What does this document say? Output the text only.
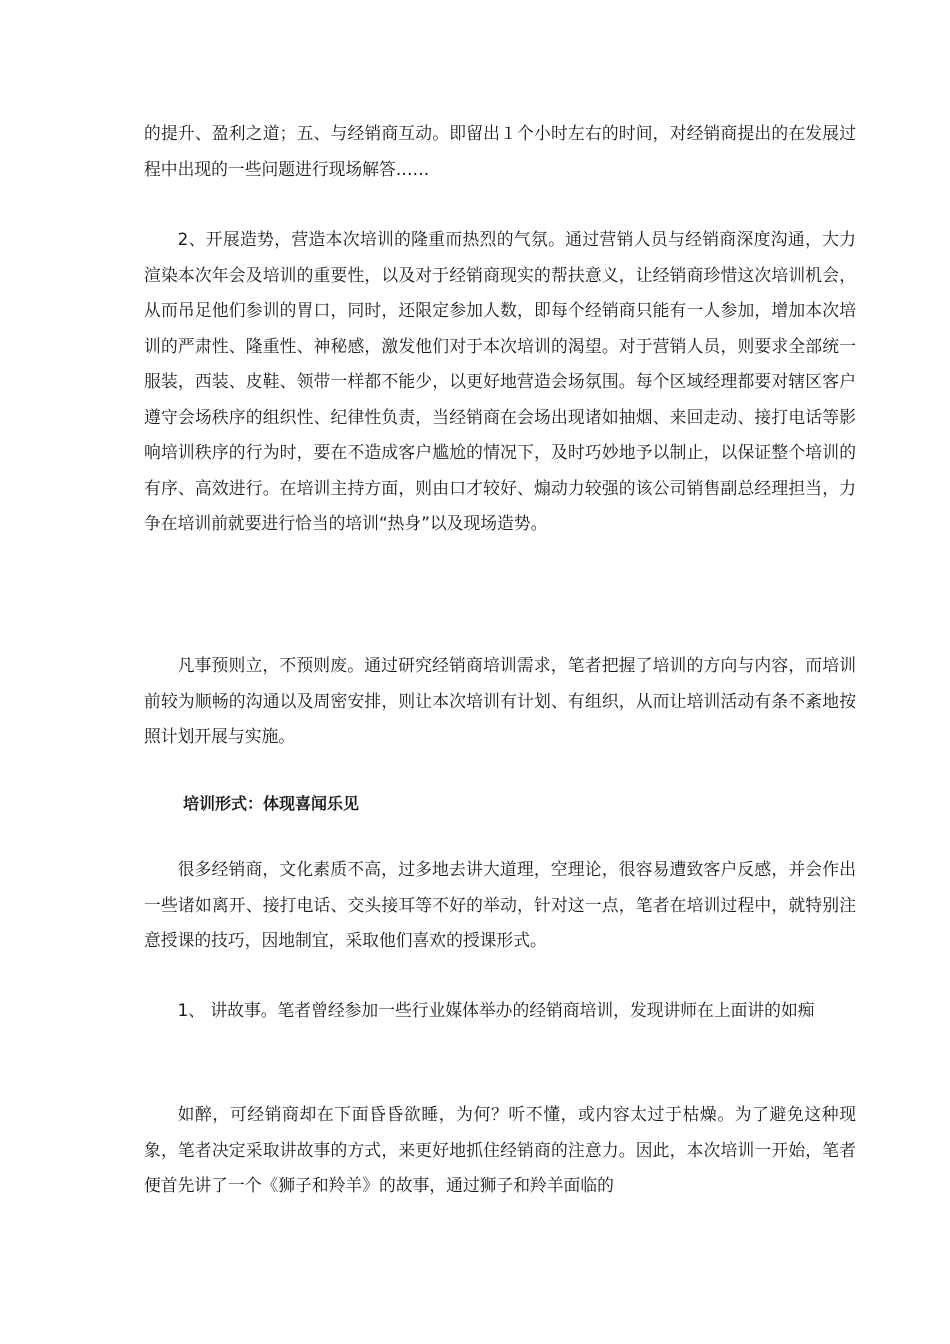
的提升、盈利之道；五、与经销商互动。即留出１个小时左右的时间，对经销商提出的在发展过程中出现的一些问题进行现场解答……

2、开展造势，营造本次培训的隆重而热烈的气氛。通过营销人员与经销商深度沟通，大力渲染本次年会及培训的重要性，以及对于经销商现实的帮扶意义，让经销商珍惜这次培训机会，从而吊足他们参训的胃口，同时，还限定参加人数，即每个经销商只能有一人参加，增加本次培训的严肃性、隆重性、神秘感，激发他们对于本次培训的渴望。对于营销人员，则要求全部统一服装，西装、皮鞋、领带一样都不能少，以更好地营造会场氛围。每个区域经理都要对辖区客户遵守会场秩序的组织性、纪律性负责，当经销商在会场出现诸如抽烟、来回走动、接打电话等影响培训秩序的行为时，要在不造成客户尴尬的情况下，及时巧妙地予以制止，以保证整个培训的有序、高效进行。在培训主持方面，则由口才较好、煽动力较强的该公司销售副总经理担当，力争在培训前就要进行恰当的培训“热身”以及现场造势。

凡事预则立，不预则废。通过研究经销商培训需求，笔者把握了培训的方向与内容，而培训前较为顺畅的沟通以及周密安排，则让本次培训有计划、有组织，从而让培训活动有条不紊地按照计划开展与实施。

培训形式：体现喜闻乐见

很多经销商，文化素质不高，过多地去讲大道理，空理论，很容易遭致客户反感，并会作出一些诸如离开、接打电话、交头接耳等不好的举动，针对这一点，笔者在培训过程中，就特别注意授课的技巧，因地制宜，采取他们喜欢的授课形式。

1、 讲故事。笔者曾经参加一些行业媒体举办的经销商培训，发现讲师在上面讲的如痴

如醉，可经销商却在下面昏昏欲睡，为何？听不懂，或内容太过于枯燥。为了避免这种现象，笔者决定采取讲故事的方式，来更好地抓住经销商的注意力。因此，本次培训一开始，笔者便首先讲了一个《狮子和羚羊》的故事，通过狮子和羚羊面临的
